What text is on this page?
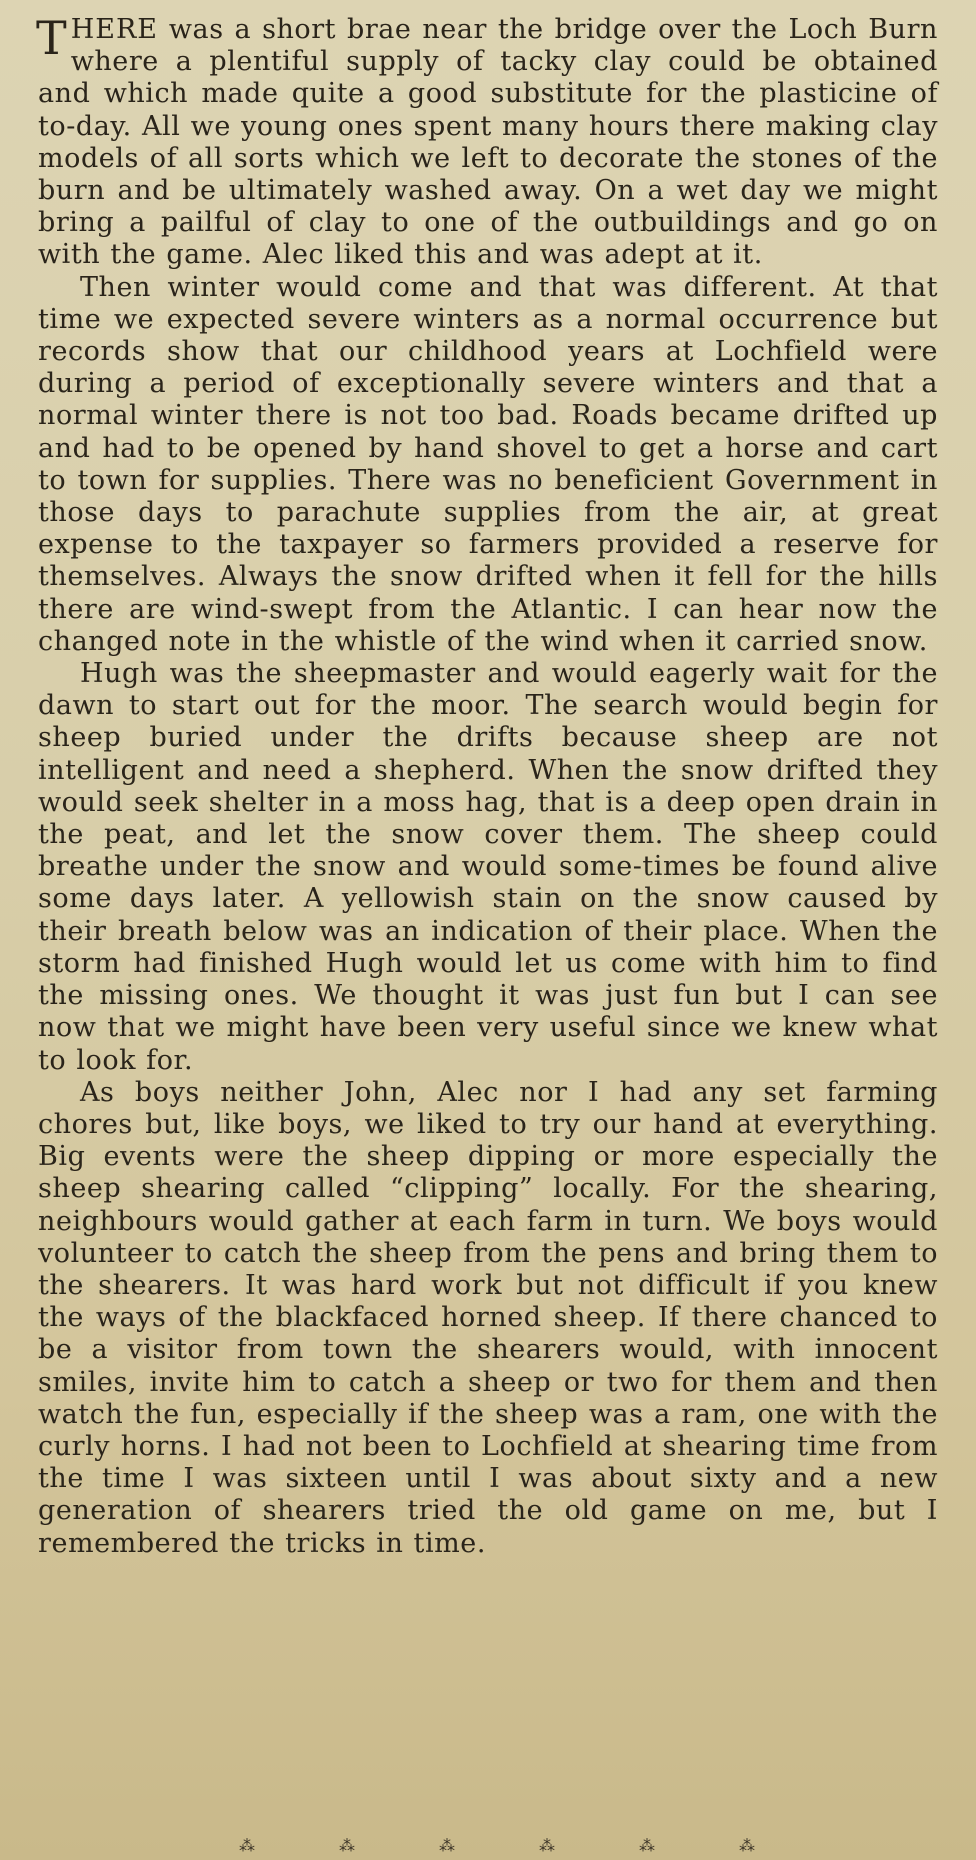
THERE was a short brae near the bridge over the Loch Burn where a plentiful supply of tacky clay could be obtained and which made quite a good substitute for the plasticine of to-day. All we young ones spent many hours there making clay models of all sorts which we left to decorate the stones of the burn and be ultimately washed away. On a wet day we might bring a pailful of clay to one of the outbuildings and go on with the game. Alec liked this and was adept at it.

Then winter would come and that was different. At that time we expected severe winters as a normal occurrence but records show that our childhood years at Lochfield were during a period of exceptionally severe winters and that a normal winter there is not too bad. Roads became drifted up and had to be opened by hand shovel to get a horse and cart to town for supplies. There was no beneficient Government in those days to parachute supplies from the air, at great expense to the taxpayer so farmers provided a reserve for themselves. Always the snow drifted when it fell for the hills there are wind-swept from the Atlantic. I can hear now the changed note in the whistle of the wind when it carried snow.

Hugh was the sheepmaster and would eagerly wait for the dawn to start out for the moor. The search would begin for sheep buried under the drifts because sheep are not intelligent and need a shepherd. When the snow drifted they would seek shelter in a moss hag, that is a deep open drain in the peat, and let the snow cover them. The sheep could breathe under the snow and would some-times be found alive some days later. A yellowish stain on the snow caused by their breath below was an indication of their place. When the storm had finished Hugh would let us come with him to find the missing ones. We thought it was just fun but I can see now that we might have been very useful since we knew what to look for.

As boys neither John, Alec nor I had any set farming chores but, like boys, we liked to try our hand at everything. Big events were the sheep dipping or more especially the sheep shearing called “clipping” locally. For the shearing, neighbours would gather at each farm in turn. We boys would volunteer to catch the sheep from the pens and bring them to the shearers. It was hard work but not difficult if you knew the ways of the blackfaced horned sheep. If there chanced to be a visitor from town the shearers would, with innocent smiles, invite him to catch a sheep or two for them and then watch the fun, especially if the sheep was a ram, one with the curly horns. I had not been to Lochfield at shearing time from the time I was sixteen until I was about sixty and a new generation of shearers tried the old game on me, but I remembered the tricks in time.

⁂	⁂	⁂	⁂	⁂	⁂
